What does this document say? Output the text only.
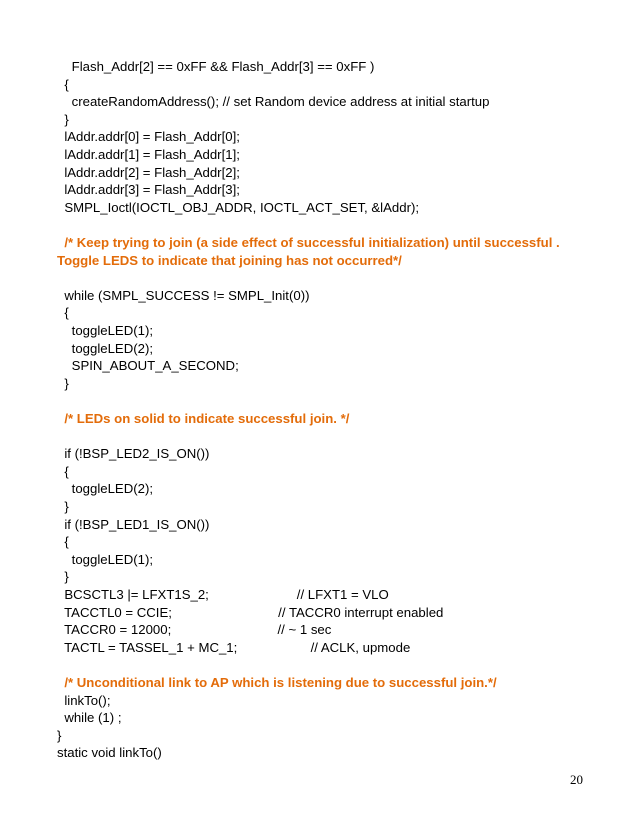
Flash_Addr[2] == 0xFF && Flash_Addr[3] == 0xFF )
{
createRandomAddress(); // set Random device address at initial startup
}
lAddr.addr[0] = Flash_Addr[0];
lAddr.addr[1] = Flash_Addr[1];
lAddr.addr[2] = Flash_Addr[2];
lAddr.addr[3] = Flash_Addr[3];
SMPL_Ioctl(IOCTL_OBJ_ADDR, IOCTL_ACT_SET, &lAddr);
/* Keep trying to join (a side effect of successful initialization) until successful .
Toggle LEDS to indicate that joining has not occurred*/
while (SMPL_SUCCESS != SMPL_Init(0))
{
toggleLED(1);
toggleLED(2);
SPIN_ABOUT_A_SECOND;
}
/* LEDs on solid to indicate successful join. */
if (!BSP_LED2_IS_ON())
{
toggleLED(2);
}
if (!BSP_LED1_IS_ON())
{
toggleLED(1);
}
BCSCTL3 |= LFXT1S_2;                        // LFXT1 = VLO
TACCTL0 = CCIE;                             // TACCR0 interrupt enabled
TACCR0 = 12000;                             // ~ 1 sec
TACTL = TASSEL_1 + MC_1;                    // ACLK, upmode
/* Unconditional link to AP which is listening due to successful join.*/
linkTo();
while (1) ;
}
static void linkTo()
20
